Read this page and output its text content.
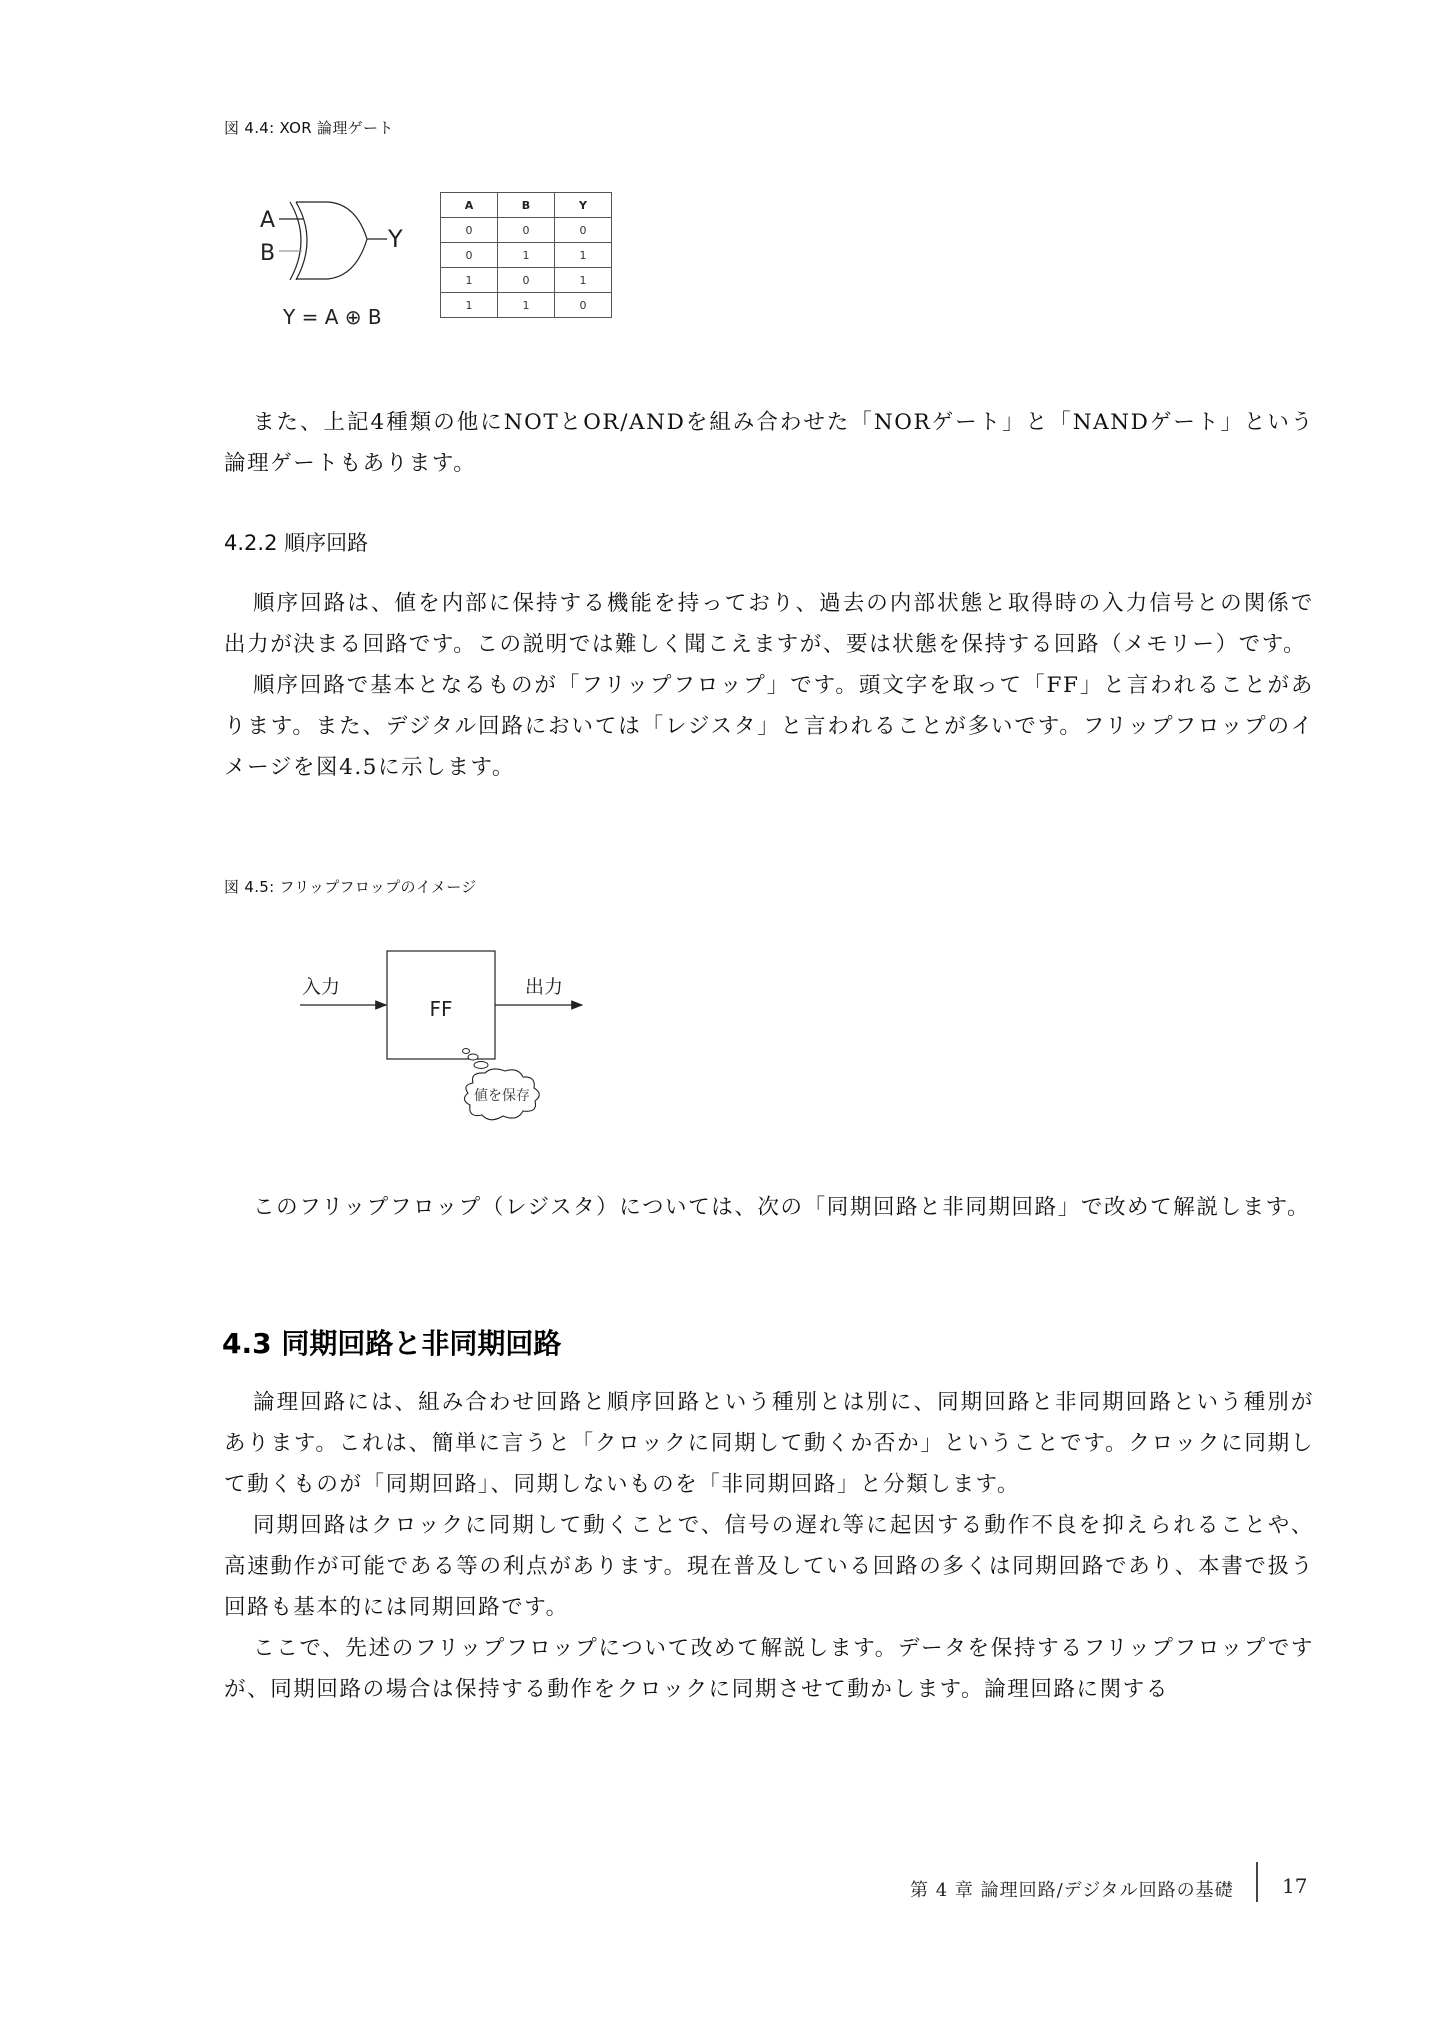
図 4.4: XOR 論理ゲート
A
B
Y
Y = A ⊕ B
A	B	Y
0	0	0
0	1	1
1	0	1
1	1	0

また、上記4種類の他にNOTとOR/ANDを組み合わせた「NORゲート」と「NANDゲート」という論理ゲートもあります。

4.2.2 順序回路

順序回路は、値を内部に保持する機能を持っており、過去の内部状態と取得時の入力信号との関係で出力が決まる回路です。この説明では難しく聞こえますが、要は状態を保持する回路（メモリー）です。

順序回路で基本となるものが「フリップフロップ」です。頭文字を取って「FF」と言われることがあります。また、デジタル回路においては「レジスタ」と言われることが多いです。フリップフロップのイメージを図4.5に示します。

図 4.5: フリップフロップのイメージ
FF
入力	出力
値を保存

このフリップフロップ（レジスタ）については、次の「同期回路と非同期回路」で改めて解説します。

4.3 同期回路と非同期回路

論理回路には、組み合わせ回路と順序回路という種別とは別に、同期回路と非同期回路という種別があります。これは、簡単に言うと「クロックに同期して動くか否か」ということです。クロックに同期して動くものが「同期回路」、同期しないものを「非同期回路」と分類します。

同期回路はクロックに同期して動くことで、信号の遅れ等に起因する動作不良を抑えられることや、高速動作が可能である等の利点があります。現在普及している回路の多くは同期回路であり、本書で扱う回路も基本的には同期回路です。

ここで、先述のフリップフロップについて改めて解説します。データを保持するフリップフロップですが、同期回路の場合は保持する動作をクロックに同期させて動かします。論理回路に関する

第 4 章 論理回路/デジタル回路の基礎 17
